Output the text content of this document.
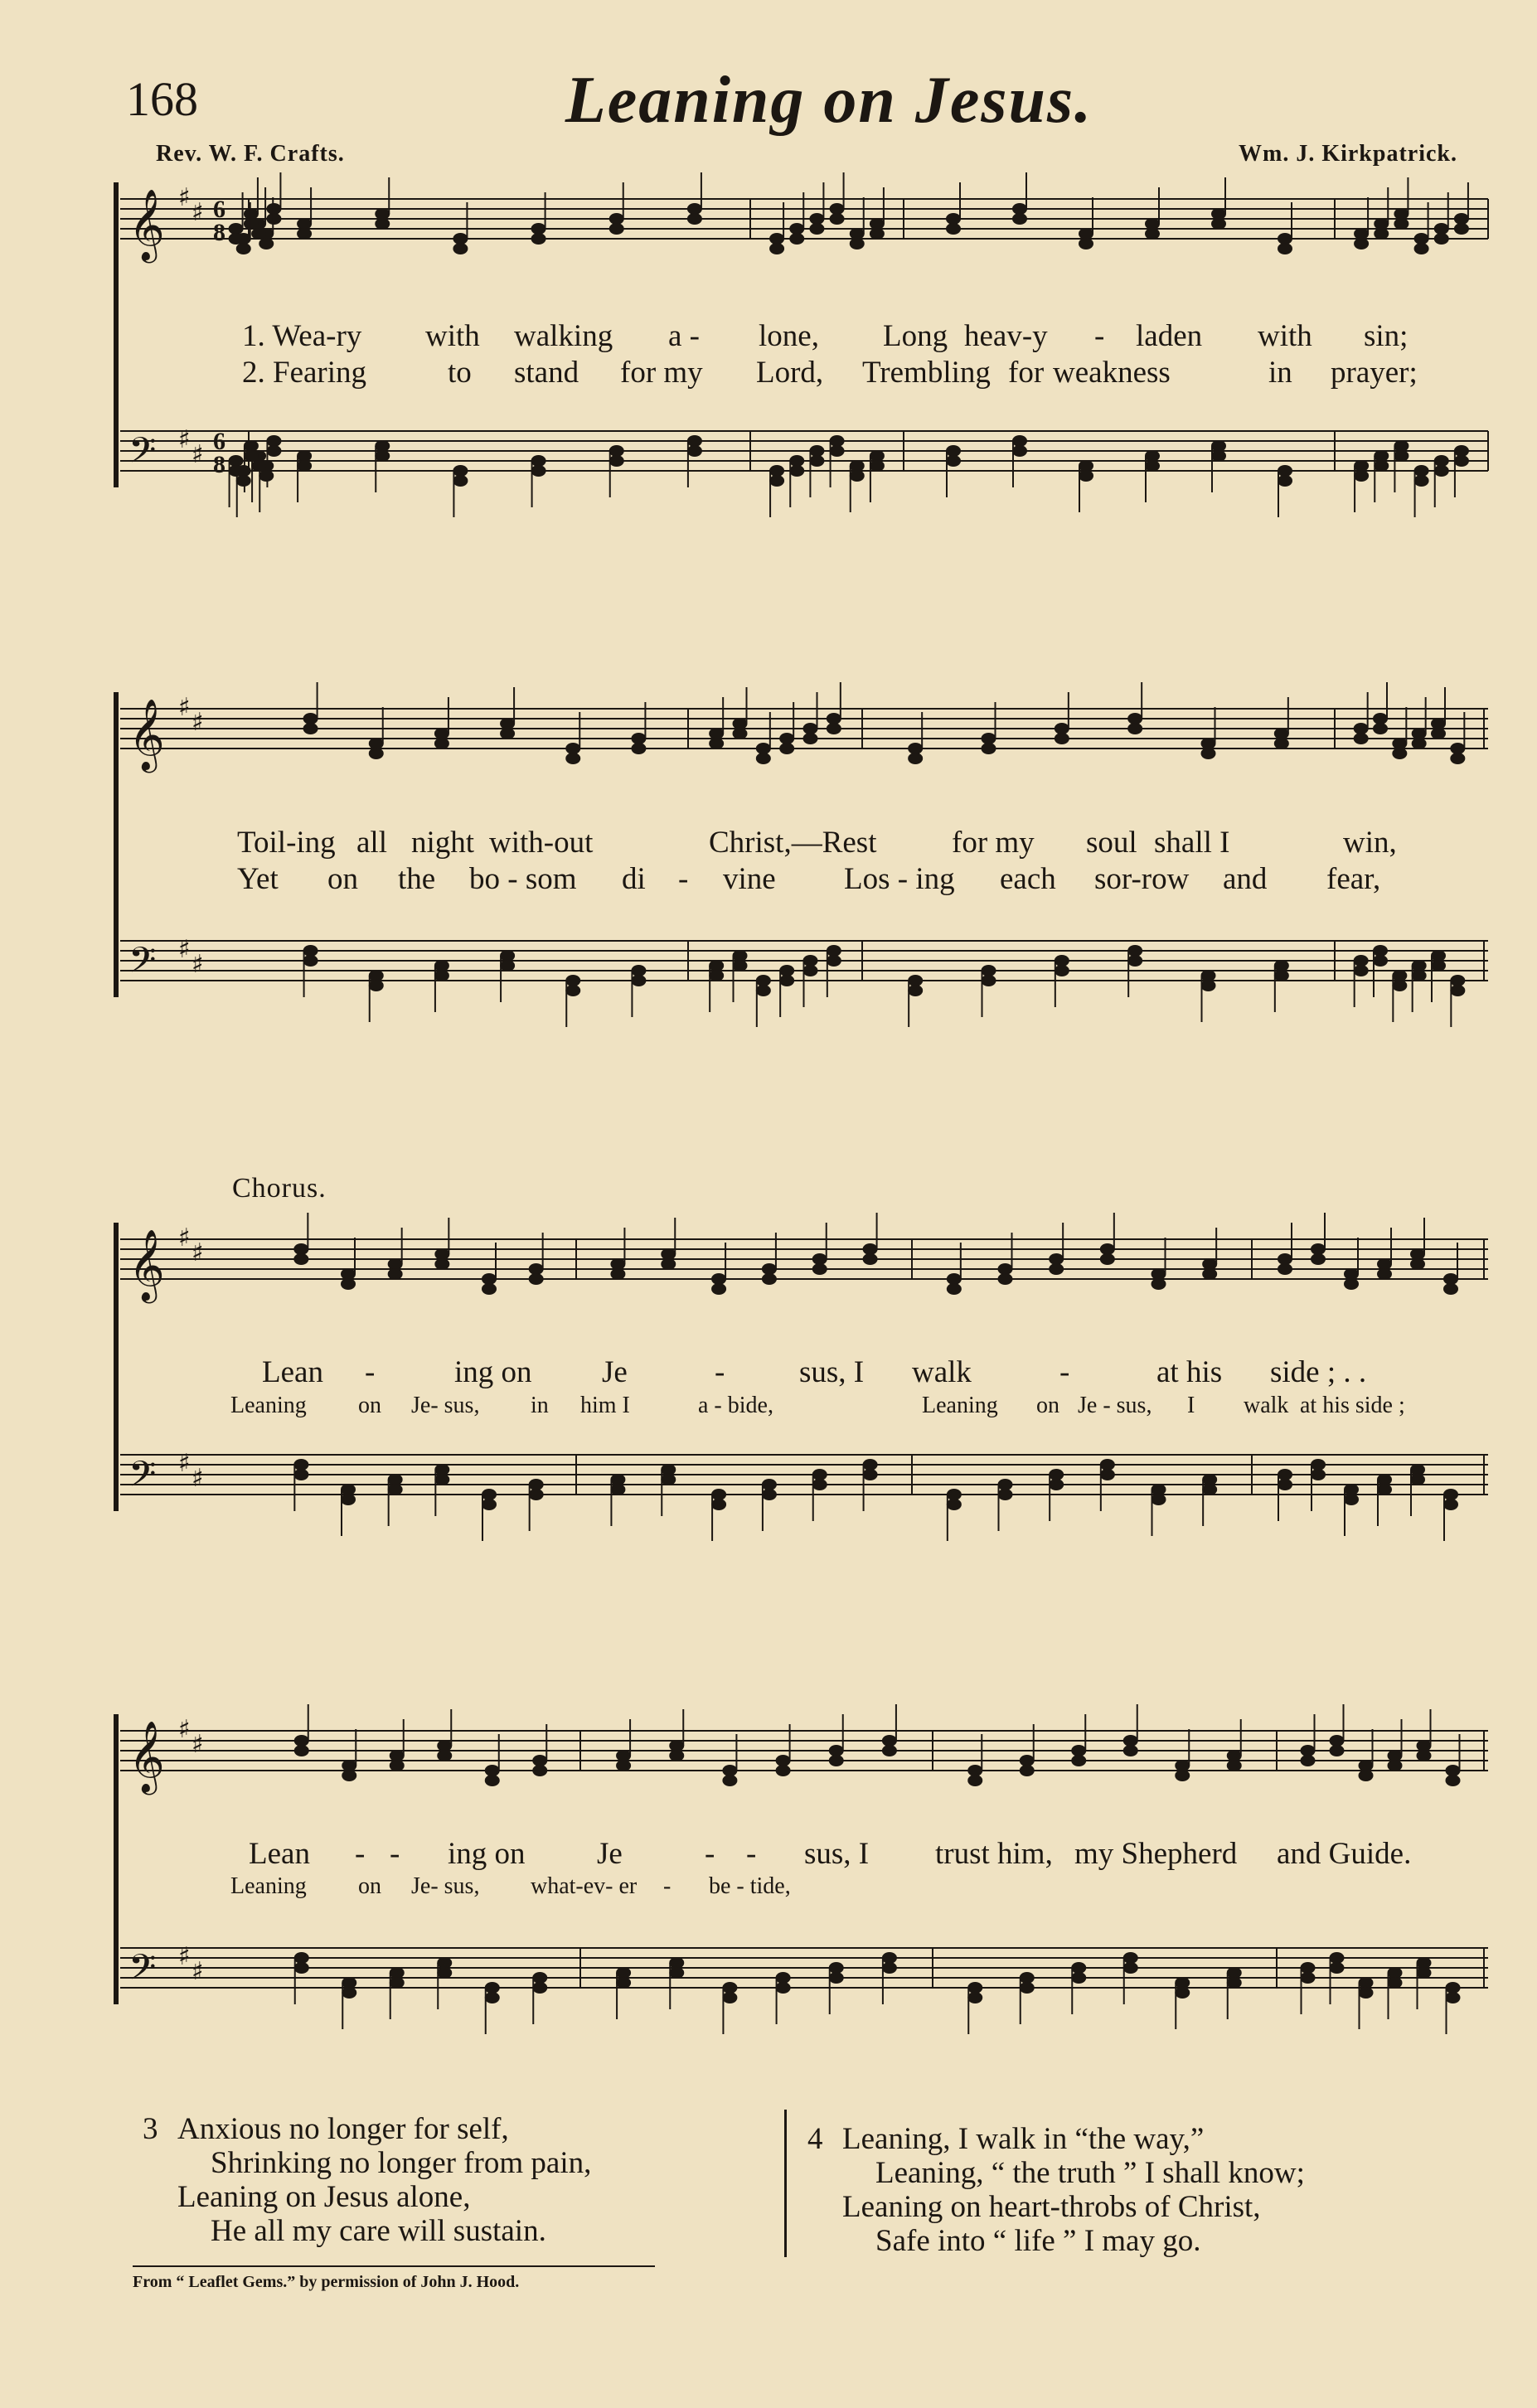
168	Leaning on Jesus.
Rev. W. F. Crafts.	Wm. J. Kirkpatrick.
𝄞 ♯
♯ 6
8
𝄢 ♯
♯ 6
8
1. Wea-ry with walking a - lone, Long heav-y - laden with sin;
2. Fearing	to stand for my Lord, Trembling for weakness	in prayer;
𝄞 ♯
♯
𝄢 ♯
♯
Toil-ing all night with-out	Christ,—Rest for my soul shall I	win,
Yet on the bo - som di - vine Los - ing each sor-row and fear,
Chorus.
𝄞 ♯
♯
𝄢 ♯
♯
Lean -	ing on Je	- sus, I walk	-	at his side ; . .
Leaning on Je- sus, in him I	a - bide,	Leaning on Je - sus, I walk at his side ;
𝄞 ♯
♯
𝄢 ♯
♯
Lean - - ing on Je	- - sus, I trust him, my Shepherd and Guide.
Leaning on Je- sus, what-ev- er - be - tide,
3 Anxious no longer for self,
Shrinking no longer from pain,
Leaning on Jesus alone,
He all my care will sustain.
4 Leaning, I walk in “the way,”
Leaning, “ the truth ” I shall know;
Leaning on heart-throbs of Christ,
Safe into “ life ” I may go.
From “ Leaflet Gems.” by permission of John J. Hood.
